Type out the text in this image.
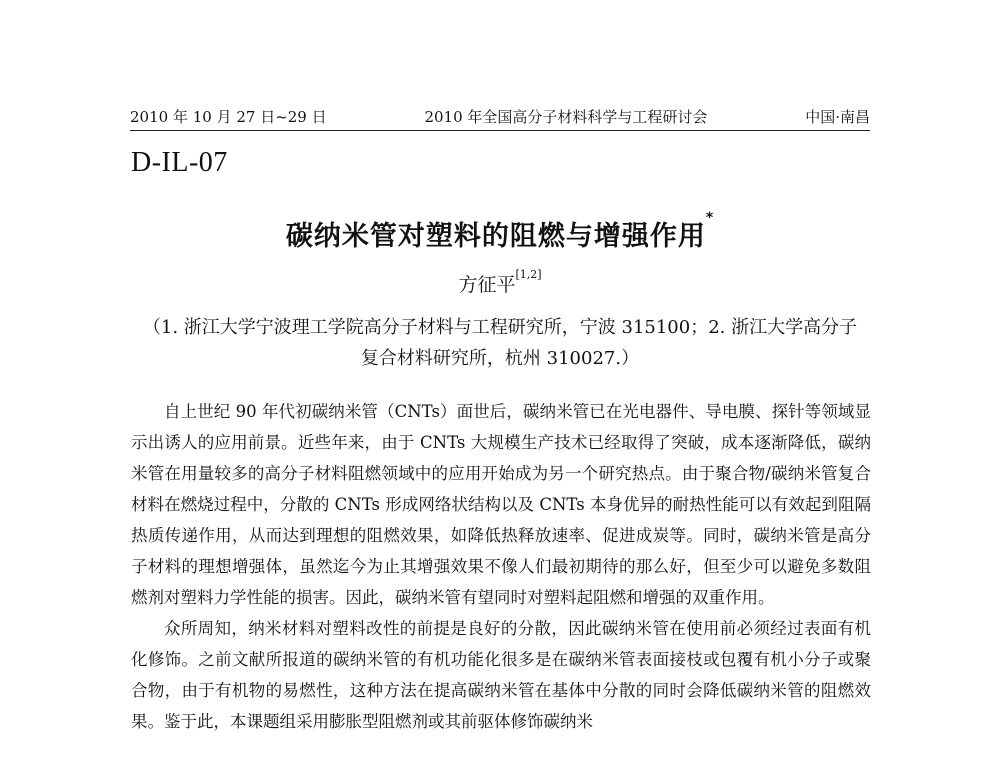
2010 年 10 月 27 日~29 日	2010 年全国高分子材料科学与工程研讨会	中国·南昌
D-IL-07
碳纳米管对塑料的阻燃与增强作用*
方征平[1,2]
（1. 浙江大学宁波理工学院高分子材料与工程研究所，宁波 315100；2. 浙江大学高分子复合材料研究所，杭州 310027.）

自上世纪 90 年代初碳纳米管（CNTs）面世后，碳纳米管已在光电器件、导电膜、探针等领域显示出诱人的应用前景。近些年来，由于 CNTs 大规模生产技术已经取得了突破，成本逐渐降低，碳纳米管在用量较多的高分子材料阻燃领域中的应用开始成为另一个研究热点。由于聚合物/碳纳米管复合材料在燃烧过程中，分散的 CNTs 形成网络状结构以及 CNTs 本身优异的耐热性能可以有效起到阻隔热质传递作用，从而达到理想的阻燃效果，如降低热释放速率、促进成炭等。同时，碳纳米管是高分子材料的理想增强体，虽然迄今为止其增强效果不像人们最初期待的那么好，但至少可以避免多数阻燃剂对塑料力学性能的损害。因此，碳纳米管有望同时对塑料起阻燃和增强的双重作用。

众所周知，纳米材料对塑料改性的前提是良好的分散，因此碳纳米管在使用前必须经过表面有机化修饰。之前文献所报道的碳纳米管的有机功能化很多是在碳纳米管表面接枝或包覆有机小分子或聚合物，由于有机物的易燃性，这种方法在提高碳纳米管在基体中分散的同时会降低碳纳米管的阻燃效果。鉴于此，本课题组采用膨胀型阻燃剂或其前驱体修饰碳纳米
